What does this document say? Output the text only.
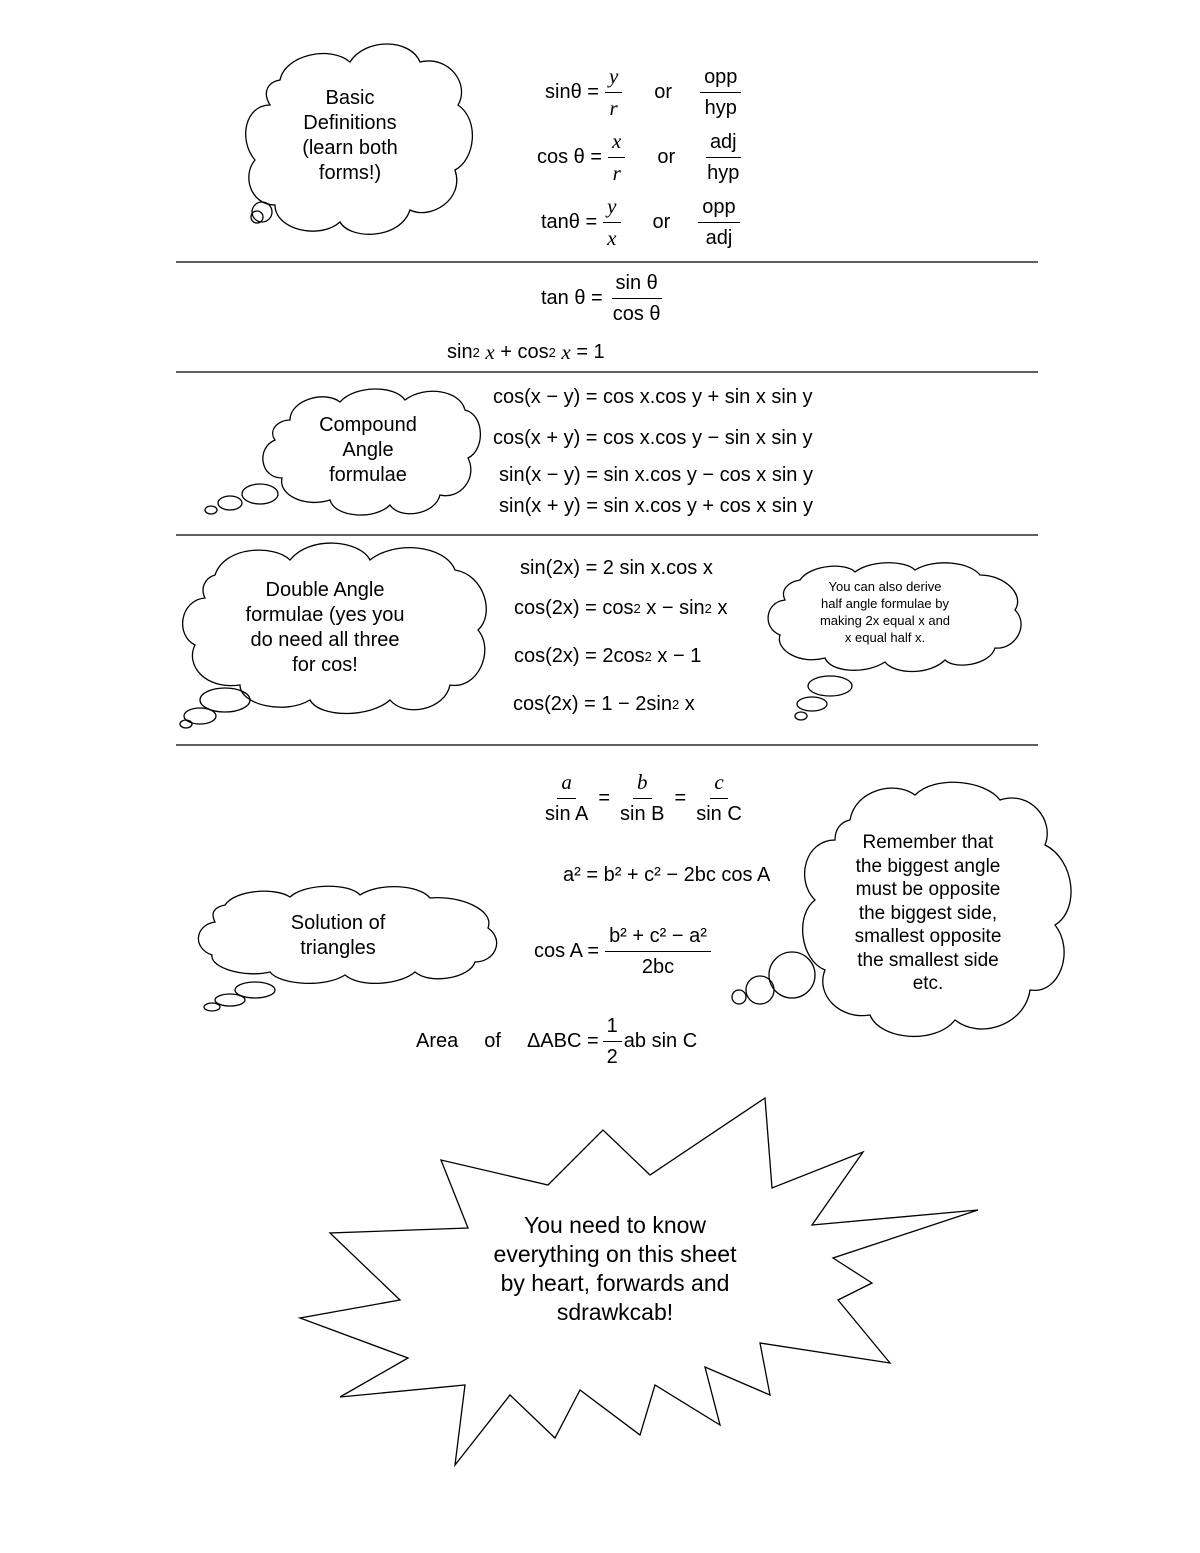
Basic
Definitions
(learn both
forms!)
Compound
Angle
formulae
Double Angle
formulae (yes you
do need all three
for cos!
You can also derive
half angle formulae by
making 2x equal x and
x equal half x.
Solution of
triangles
Remember that
the biggest angle
must be opposite
the biggest side,
smallest opposite
the smallest side
etc.
You need to know
everything on this sheet
by heart, forwards and
sdrawkcab!
$\sin\theta = \frac{y}{r}$ or $\frac{\text{opp}}{\text{hyp}}$
$\cos \theta = \frac{x}{r}$ or $\frac{\text{adj}}{\text{hyp}}$
$\tan\theta = \frac{y}{x}$ or $\frac{\text{opp}}{\text{adj}}$
$\tan \theta = \frac{\text{sin θ}}{\text{cos θ}}$
sin 2
x
+ cos 2
x
= 1
cos(x − y) = cos x.cos y + sin x sin y
cos(x + y) = cos x.cos y − sin x sin y
sin(x − y) = sin x.cos y − cos x sin y
sin(x + y) = sin x.cos y + cos x sin y
sin(2x) = 2 sin x.cos x
cos(2x) = cos 2
x − sin 2
x
cos(2x) = 2cos 2
x − 1
cos(2x) = 1 − 2sin 2
x
$\frac{a}{\text{sin A}} = \frac{b}{\text{sin B}} = \frac{c}{\text{sin C}}$
a² = b² + c² − 2bc cos A
$\cos A = \frac{\text{b² + c² − a²}}{2bc}$
Area of $\Delta ABC = \frac{1}{2}$ ab sin C
